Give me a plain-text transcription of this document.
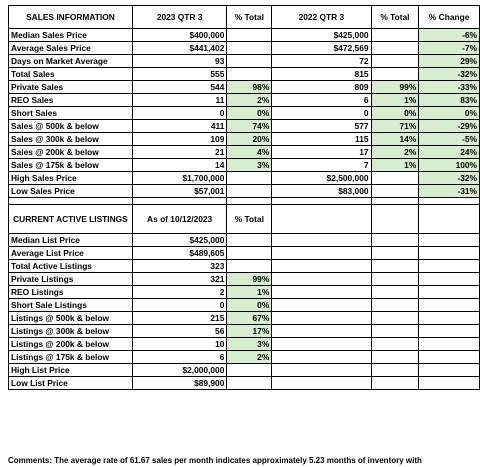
SALES INFORMATION	2023 QTR 3	% Total	2022 QTR 3	% Total	% Change
Median Sales Price	$400,000		$425,000		-6%
Average Sales Price	$441,402		$472,569		-7%
Days on Market Average	93		72		29%
Total Sales	555		815		-32%
Private Sales	544	98%	809	99%	-33%
REO Sales	11	2%	6	1%	83%
Short Sales	0	0%	0	0%	0%
Sales @ 500k & below	411	74%	577	71%	-29%
Sales @ 300k & below	109	20%	115	14%	-5%
Sales @ 200k & below	21	4%	17	2%	24%
Sales @ 175k & below	14	3%	7	1%	100%
High Sales Price	$1,700,000		$2,500,000		-32%
Low Sales Price	$57,001		$83,000		-31%

CURRENT ACTIVE LISTINGS	As of 10/12/2023	% Total			
Median List Price	$425,000				
Average List Price	$489,605				
Total Active Listings	323				
Private Listings	321	99%			
REO Listings	2	1%			
Short Sale Listings	0	0%			
Listings @ 500k & below	215	67%			
Listings @ 300k & below	56	17%			
Listings @ 200k & below	10	3%			
Listings @ 175k & below	6	2%			
High List Price	$2,000,000				
Low List Price	$89,900				
Comments: The average rate of 61.67 sales per month indicates approximately 5.23 months of inventory with
